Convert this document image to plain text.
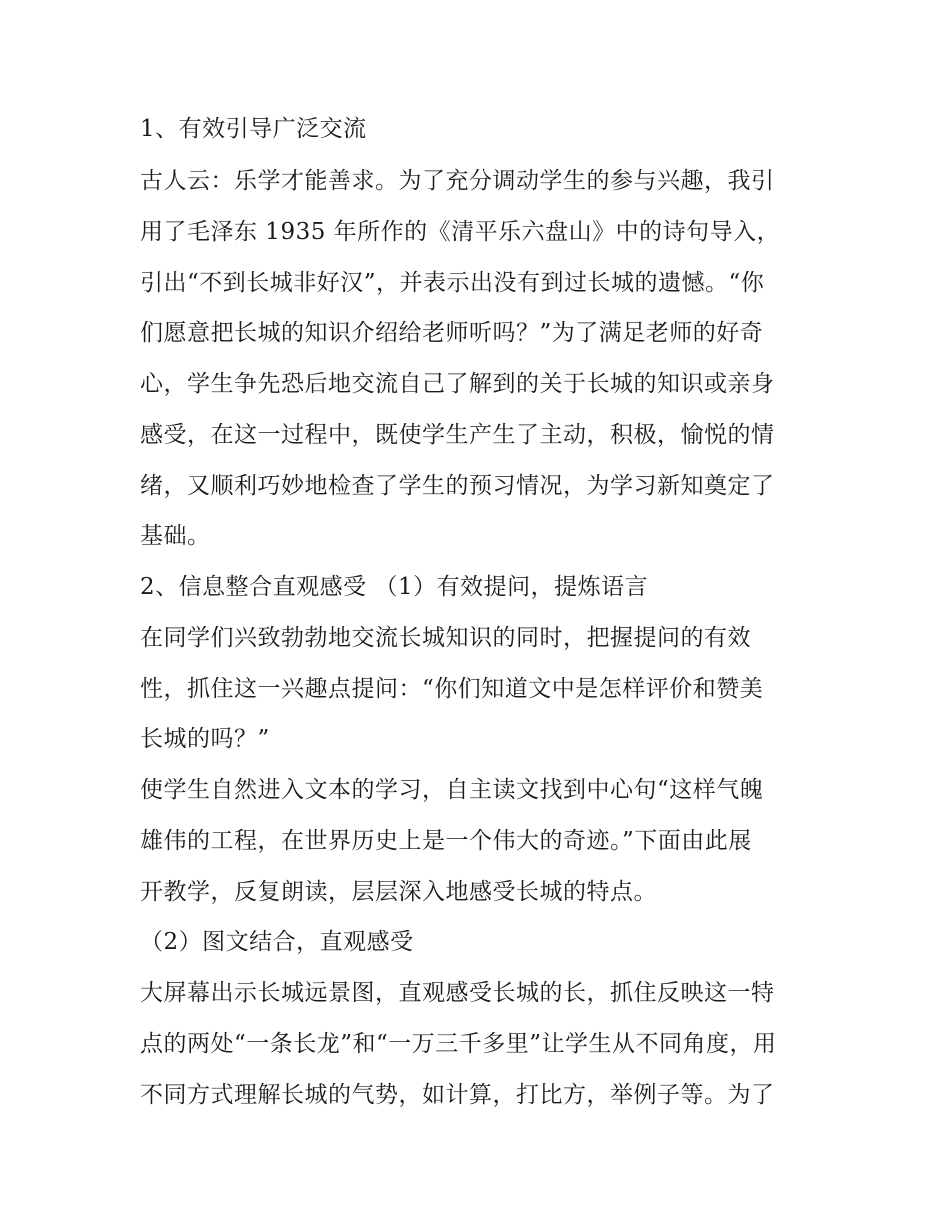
1、有效引导广泛交流
古人云：乐学才能善求。为了充分调动学生的参与兴趣，我引
用了毛泽东 1935 年所作的《清平乐六盘山》中的诗句导入，
引出“不到长城非好汉”，并表示出没有到过长城的遗憾。“你
们愿意把长城的知识介绍给老师听吗？”为了满足老师的好奇
心，学生争先恐后地交流自己了解到的关于长城的知识或亲身
感受，在这一过程中，既使学生产生了主动，积极，愉悦的情
绪，又顺利巧妙地检查了学生的预习情况，为学习新知奠定了
基础。
2、信息整合直观感受 （1）有效提问，提炼语言
在同学们兴致勃勃地交流长城知识的同时，把握提问的有效
性，抓住这一兴趣点提问：“你们知道文中是怎样评价和赞美
长城的吗？”
使学生自然进入文本的学习，自主读文找到中心句“这样气魄
雄伟的工程，在世界历史上是一个伟大的奇迹。”下面由此展
开教学，反复朗读，层层深入地感受长城的特点。
（2）图文结合，直观感受
大屏幕出示长城远景图，直观感受长城的长，抓住反映这一特
点的两处“一条长龙”和“一万三千多里”让学生从不同角度，用
不同方式理解长城的气势，如计算，打比方，举例子等。为了
